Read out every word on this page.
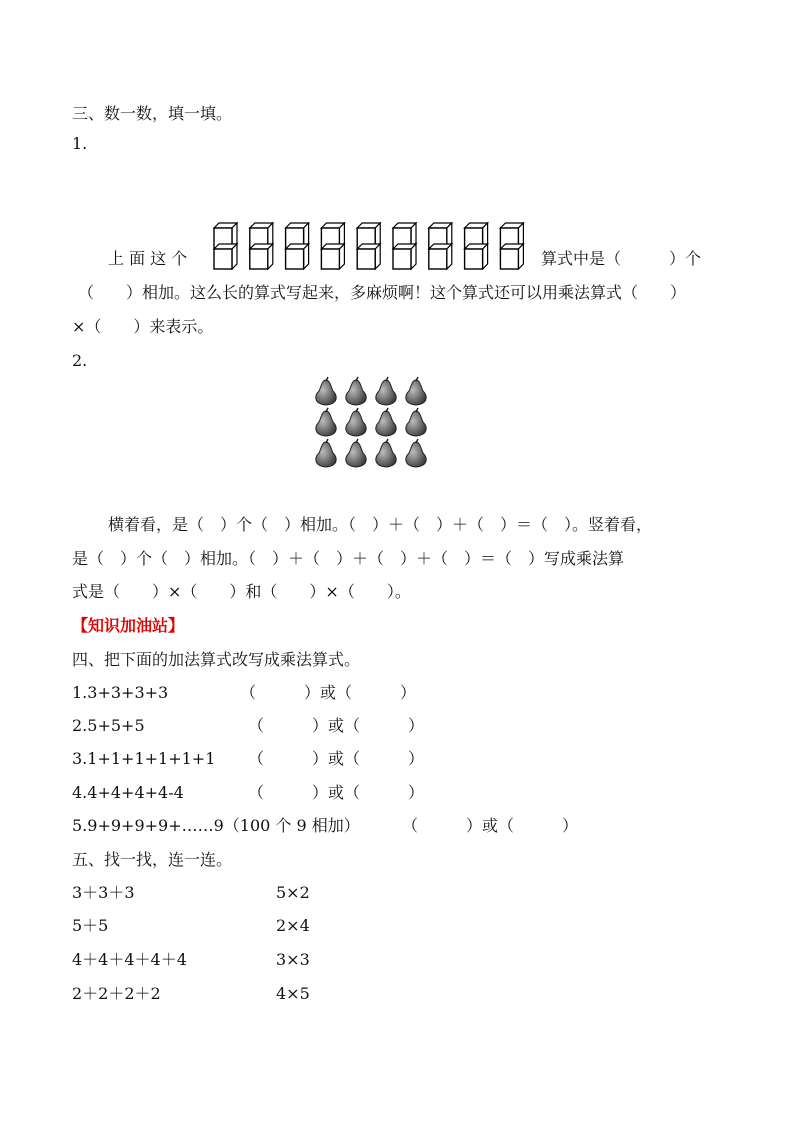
三、数一数，填一填。
1.
上 面 这 个	算式中是（　　　）个
（　　）相加。这么长的算式写起来，多麻烦啊！这个算式还可以用乘法算式（　　）
×（　　）来表示。
2.
横着看，是（　）个（　）相加。（　）＋（　）＋（　）＝（　）。竖着看，
是（　）个（　）相加。（　）＋（　）＋（　）＋（　）＝（　）写成乘法算
式是（　　）×（　　）和（　　）×（　　）。
【知识加油站】
四、把下面的加法算式改写成乘法算式。
1.3+3+3+3	（　　　）或（　　　）
2.5+5+5	（　　　）或（　　　）
3.1+1+1+1+1+1 （　　　）或（　　　）
4.4+4+4+4-4	（　　　）或（　　　）
5.9+9+9+9+……9（100 个 9 相加）	（　　　）或（　　　）
五、找一找，连一连。
3＋3＋3	5×2
5＋5	2×4
4＋4＋4＋4＋4	3×3
2＋2＋2＋2	4×5
